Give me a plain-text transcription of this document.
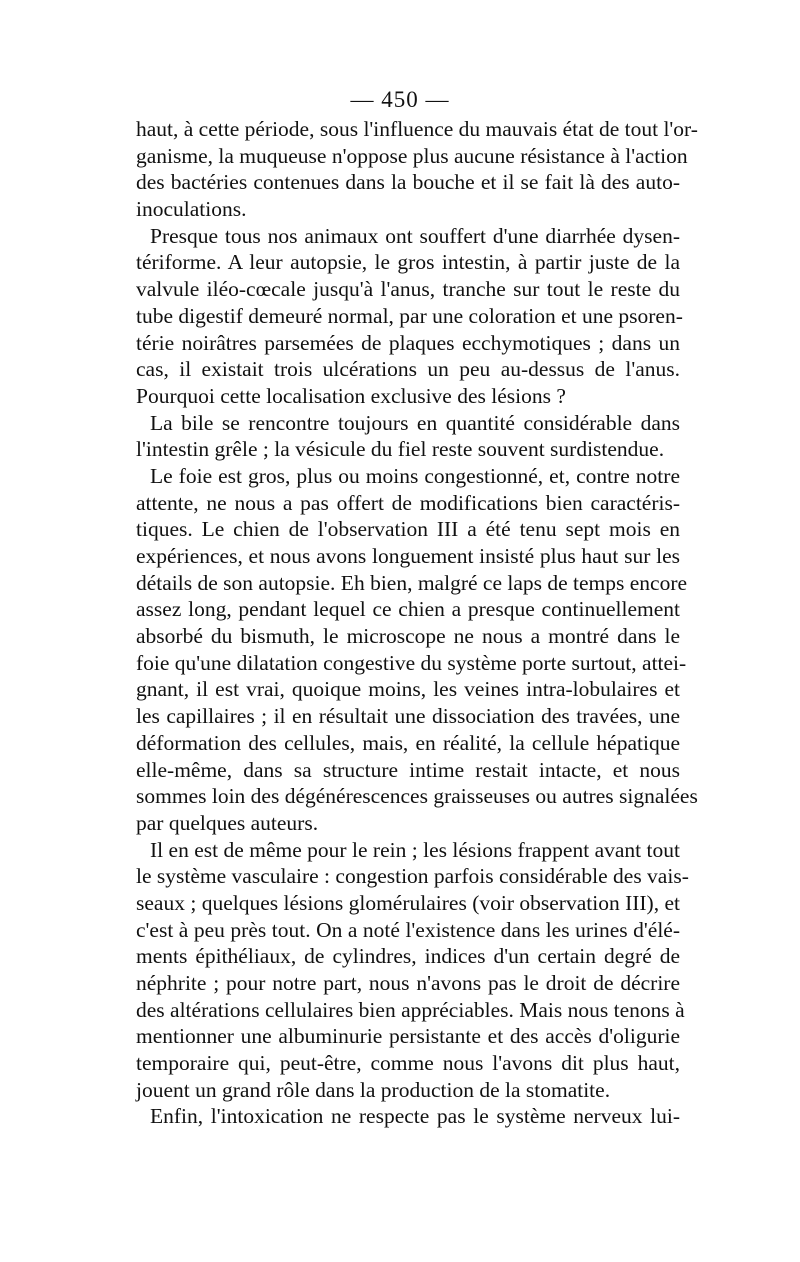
— 450 —
haut, à cette période, sous l'influence du mauvais état de tout l'or-
ganisme, la muqueuse n'oppose plus aucune résistance à l'action
des bactéries contenues dans la bouche et il se fait là des auto-
inoculations.
Presque tous nos animaux ont souffert d'une diarrhée dysen-
tériforme. A leur autopsie, le gros intestin, à partir juste de la
valvule iléo-cœcale jusqu'à l'anus, tranche sur tout le reste du
tube digestif demeuré normal, par une coloration et une psoren-
térie noirâtres parsemées de plaques ecchymotiques ; dans un
cas, il existait trois ulcérations un peu au-dessus de l'anus.
Pourquoi cette localisation exclusive des lésions ?
La bile se rencontre toujours en quantité considérable dans
l'intestin grêle ; la vésicule du fiel reste souvent surdistendue.
Le foie est gros, plus ou moins congestionné, et, contre notre
attente, ne nous a pas offert de modifications bien caractéris-
tiques. Le chien de l'observation III a été tenu sept mois en
expériences, et nous avons longuement insisté plus haut sur les
détails de son autopsie. Eh bien, malgré ce laps de temps encore
assez long, pendant lequel ce chien a presque continuellement
absorbé du bismuth, le microscope ne nous a montré dans le
foie qu'une dilatation congestive du système porte surtout, attei-
gnant, il est vrai, quoique moins, les veines intra-lobulaires et
les capillaires ; il en résultait une dissociation des travées, une
déformation des cellules, mais, en réalité, la cellule hépatique
elle-même, dans sa structure intime restait intacte, et nous
sommes loin des dégénérescences graisseuses ou autres signalées
par quelques auteurs.
Il en est de même pour le rein ; les lésions frappent avant tout
le système vasculaire : congestion parfois considérable des vais-
seaux ; quelques lésions glomérulaires (voir observation III), et
c'est à peu près tout. On a noté l'existence dans les urines d'élé-
ments épithéliaux, de cylindres, indices d'un certain degré de
néphrite ; pour notre part, nous n'avons pas le droit de décrire
des altérations cellulaires bien appréciables. Mais nous tenons à
mentionner une albuminurie persistante et des accès d'oligurie
temporaire qui, peut-être, comme nous l'avons dit plus haut,
jouent un grand rôle dans la production de la stomatite.
Enfin, l'intoxication ne respecte pas le système nerveux lui-
